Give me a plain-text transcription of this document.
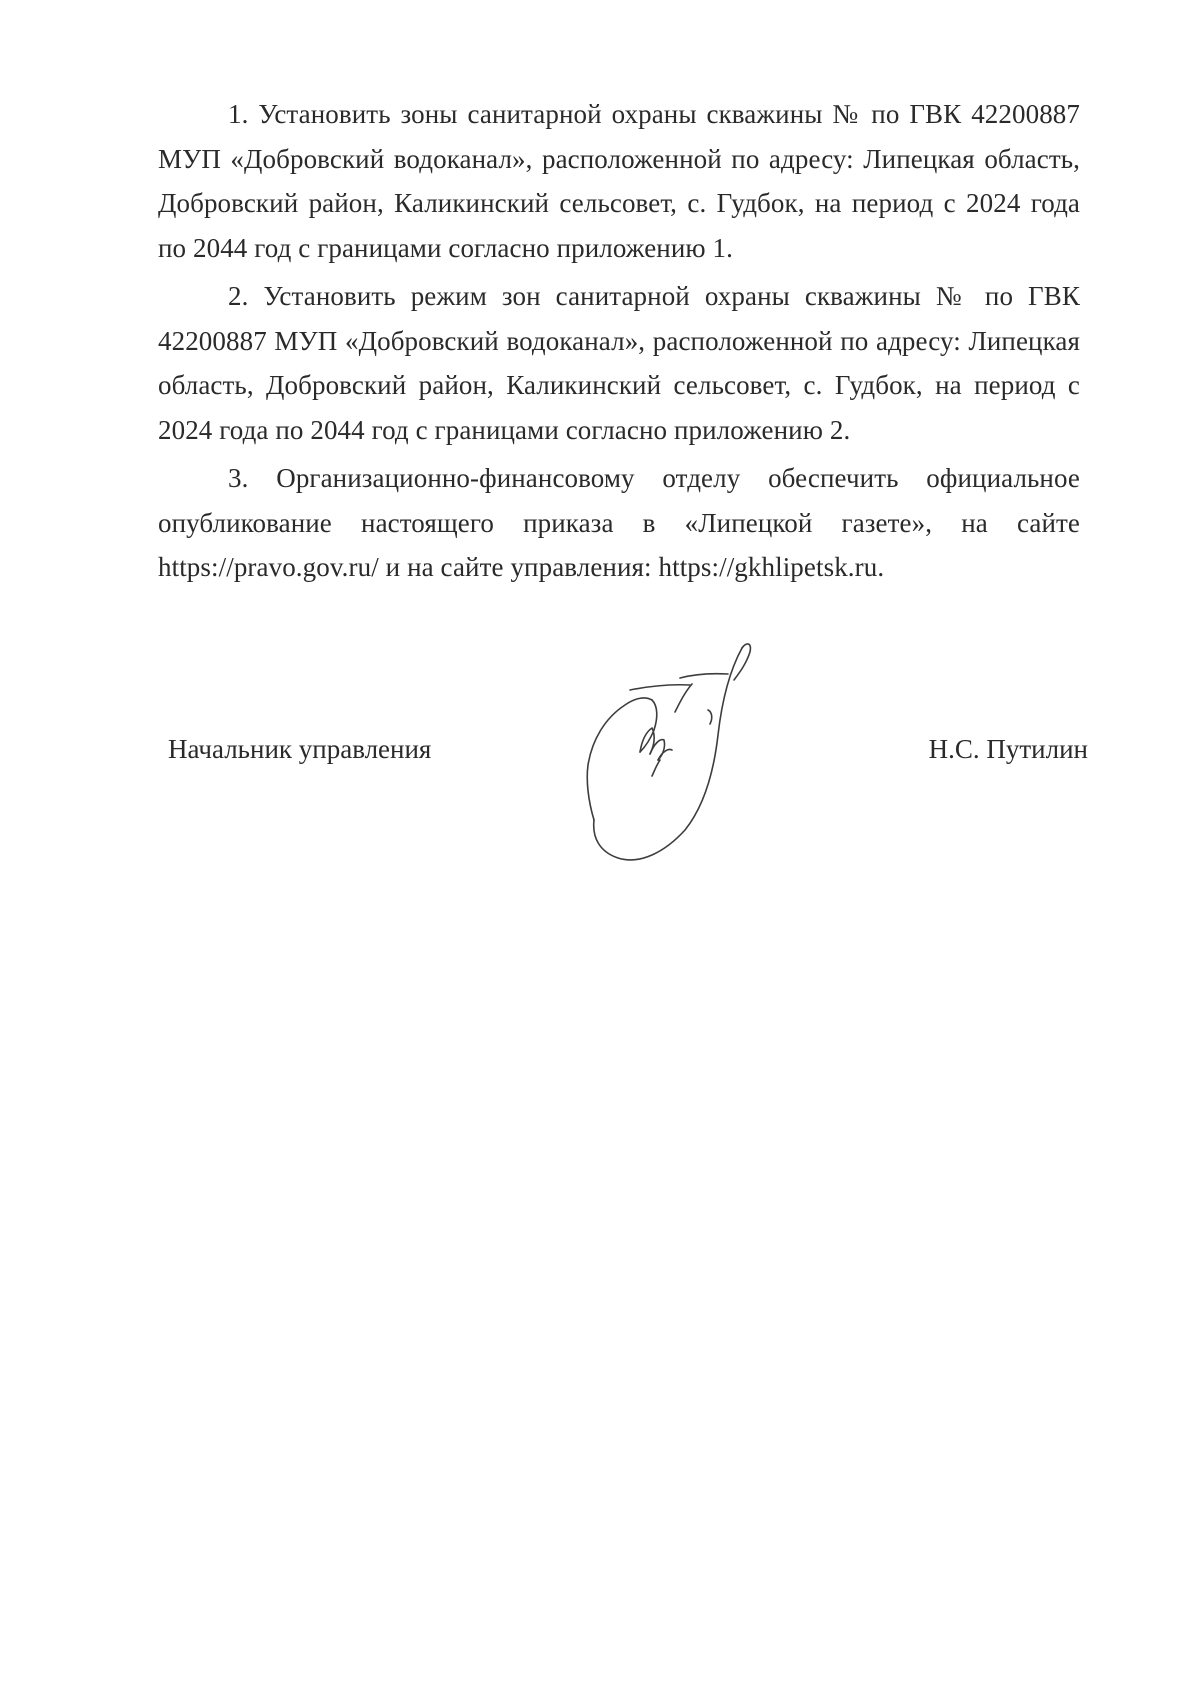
1. Установить зоны санитарной охраны скважины № по ГВК 42200887 МУП «Добровский водоканал», расположенной по адресу: Липецкая область, Добровский район, Каликинский сельсовет, с. Гудбок, на период с 2024 года по 2044 год с границами согласно приложению 1.

2. Установить режим зон санитарной охраны скважины № по ГВК 42200887 МУП «Добровский водоканал», расположенной по адресу: Липецкая область, Добровский район, Каликинский сельсовет, с. Гудбок, на период с 2024 года по 2044 год с границами согласно приложению 2.

3. Организационно-финансовому отделу обеспечить официальное опубликование настоящего приказа в «Липецкой газете», на сайте https://pravo.gov.ru/ и на сайте управления: https://gkhlipetsk.ru.

Начальник управления	Н.С. Путилин
